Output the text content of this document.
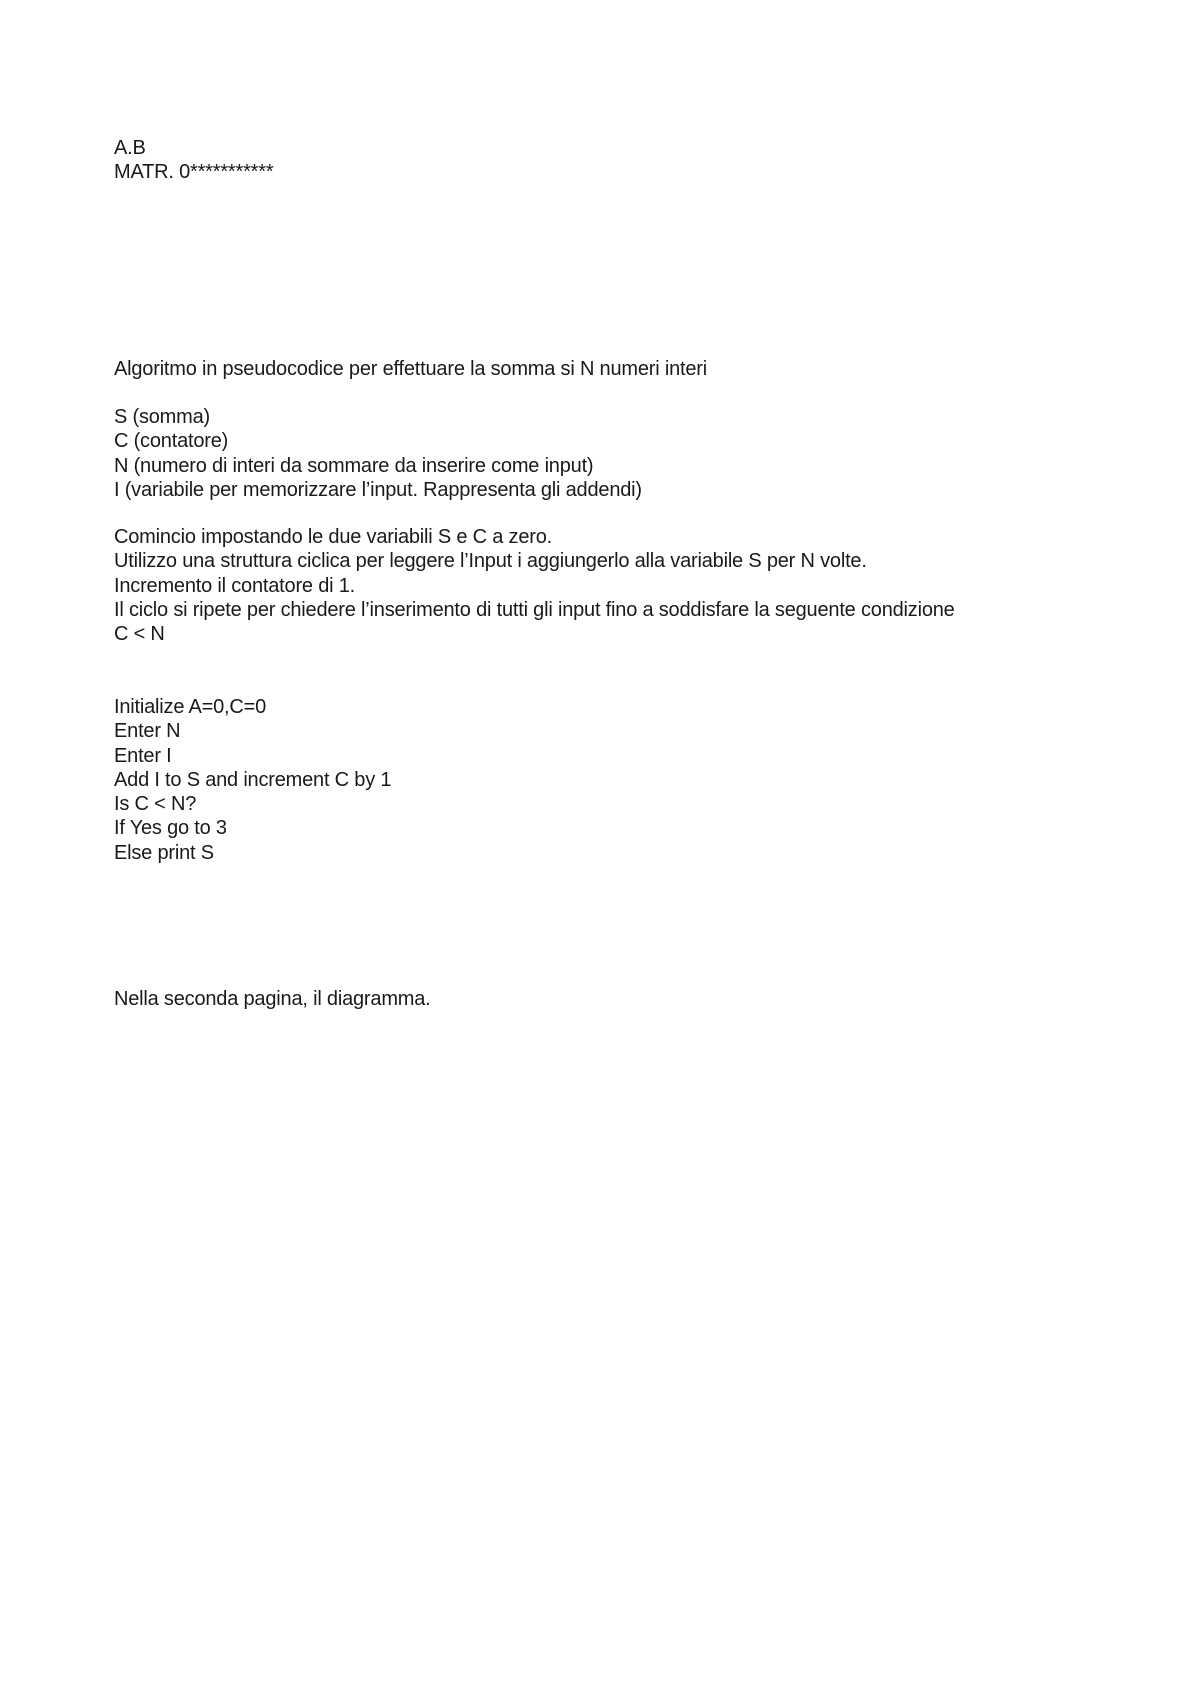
A.B
MATR. 0***********
Algoritmo in pseudocodice per effettuare la somma si N numeri interi
S (somma)
C (contatore)
N (numero di interi da sommare da inserire come input)
I (variabile per memorizzare l’input. Rappresenta gli addendi)
Comincio impostando le due variabili S e C a zero.
Utilizzo una struttura ciclica per leggere l’Input i aggiungerlo alla variabile S per N volte.
Incremento il contatore di 1.
Il ciclo si ripete per chiedere l’inserimento di tutti gli input fino a soddisfare la seguente condizione
C < N
Initialize A=0,C=0
Enter N
Enter I
Add I to S and increment C by 1
Is C < N?
If Yes go to 3
Else print S
Nella seconda pagina, il diagramma.
